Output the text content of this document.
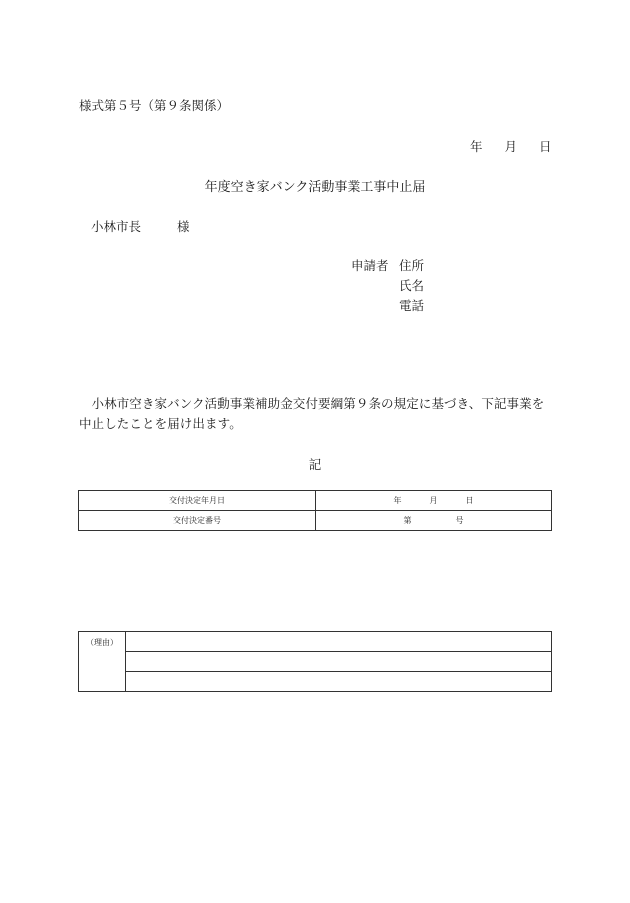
様式第５号（第９条関係）
年 月 日
年度空き家バンク活動事業工事中止届
小林市長	様
申請者 住所
氏名
電話
小林市空き家バンク活動事業補助金交付要綱第９条の規定に基づき、下記事業を中止したことを届け出ます。
記
交付決定年月日	年 月 日
交付決定番号	第 号
（理由）	
